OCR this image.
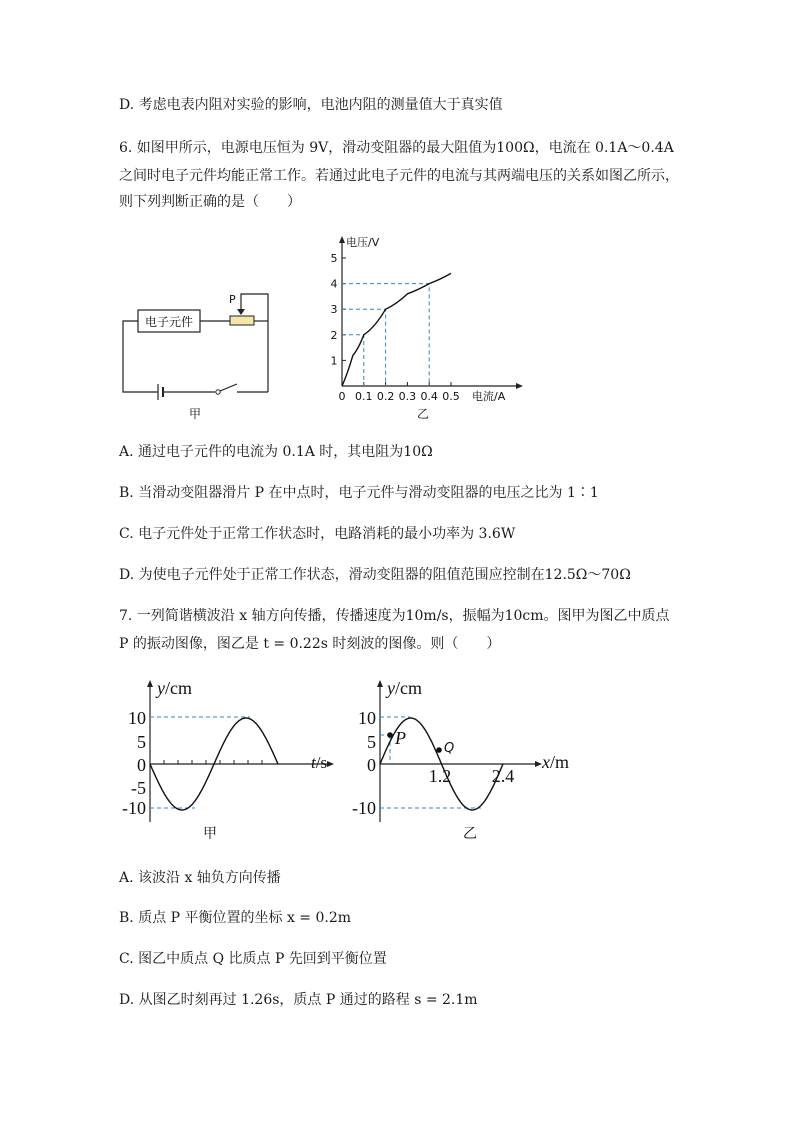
D. 考虑电表内阻对实验的影响，电池内阻的测量值大于真实值
6. 如图甲所示，电源电压恒为 9V，滑动变阻器的最大阻值为100Ω，电流在 0.1A～0.4A
之间时电子元件均能正常工作。若通过此电子元件的电流与其两端电压的关系如图乙所示，
则下列判断正确的是（　　）
电子元件
P
甲
电压/V
电流/A
0 0.1 0.2 0.3 0.4 0.5
1
2
3
4
5
乙
A. 通过电子元件的电流为 0.1A 时，其电阻为10Ω
B. 当滑动变阻器滑片 P 在中点时，电子元件与滑动变阻器的电压之比为 1∶1
C. 电子元件处于正常工作状态时，电路消耗的最小功率为 3.6W
D. 为使电子元件处于正常工作状态，滑动变阻器的阻值范围应控制在12.5Ω～70Ω
7. 一列简谐横波沿 x 轴方向传播，传播速度为10m/s，振幅为10cm。图甲为图乙中质点
P 的振动图像，图乙是 t = 0.22s 时刻波的图像。则（　　）
y/cm
t/s
10
5
0
-5
-10
甲
y/cm
x/m
10
5
0
-10
P
Q
1.2 2.4
乙
A. 该波沿 x 轴负方向传播
B. 质点 P 平衡位置的坐标 x = 0.2m
C. 图乙中质点 Q 比质点 P 先回到平衡位置
D. 从图乙时刻再过 1.26s，质点 P 通过的路程 s = 2.1m
